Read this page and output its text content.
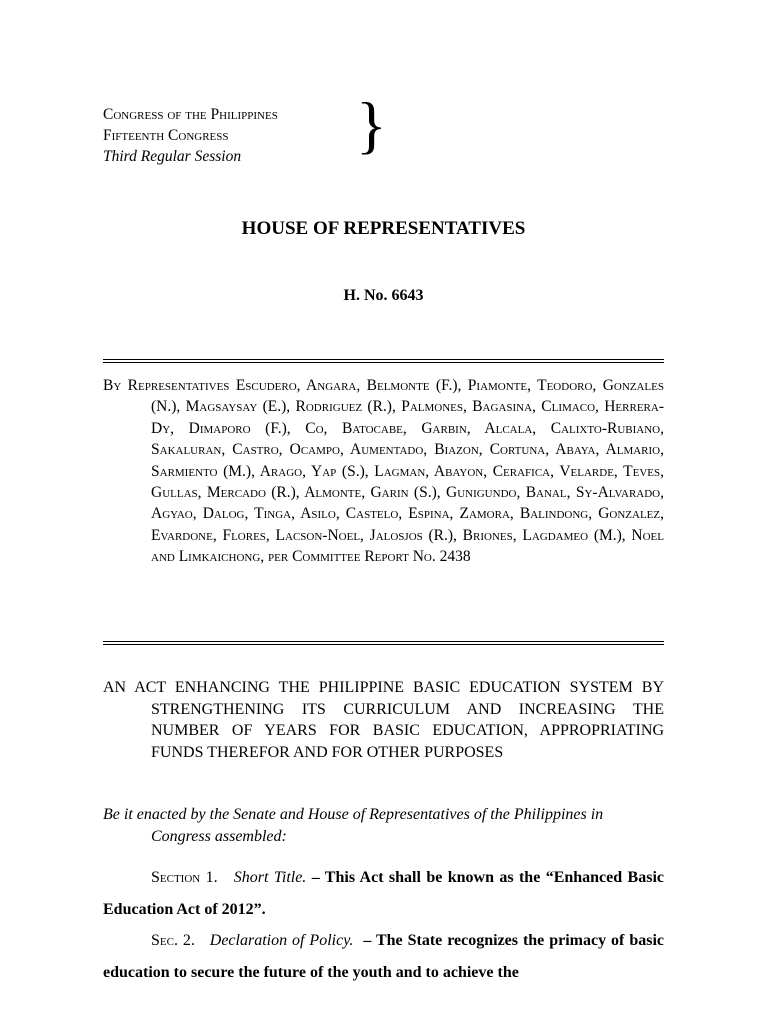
Congress of the Philippines
Fifteenth Congress
Third Regular Session	}
HOUSE OF REPRESENTATIVES
H. No. 6643
By Representatives Escudero, Angara, Belmonte (F.), Piamonte, Teodoro, Gonzales (N.), Magsaysay (E.), Rodriguez (R.), Palmones, Bagasina, Climaco, Herrera-Dy, Dimaporo (F.), Co, Batocabe, Garbin, Alcala, Calixto-Rubiano, Sakaluran, Castro, Ocampo, Aumentado, Biazon, Cortuna, Abaya, Almario, Sarmiento (M.), Arago, Yap (S.), Lagman, Abayon, Cerafica, Velarde, Teves, Gullas, Mercado (R.), Almonte, Garin (S.), Gunigundo, Banal, Sy-Alvarado, Agyao, Dalog, Tinga, Asilo, Castelo, Espina, Zamora, Balindong, Gonzalez, Evardone, Flores, Lacson-Noel, Jalosjos (R.), Briones, Lagdameo (M.), Noel and Limkaichong, per Committee Report No. 2438
AN ACT ENHANCING THE PHILIPPINE BASIC EDUCATION SYSTEM BY STRENGTHENING ITS CURRICULUM AND INCREASING THE NUMBER OF YEARS FOR BASIC EDUCATION, APPROPRIATING FUNDS THEREFOR AND FOR OTHER PURPOSES
Be it enacted by the Senate and House of Representatives of the Philippines in Congress assembled:
Section 1. Short Title. – This Act shall be known as the “Enhanced Basic Education Act of 2012”.
Sec. 2. Declaration of Policy. – The State recognizes the primacy of basic education to secure the future of the youth and to achieve the
